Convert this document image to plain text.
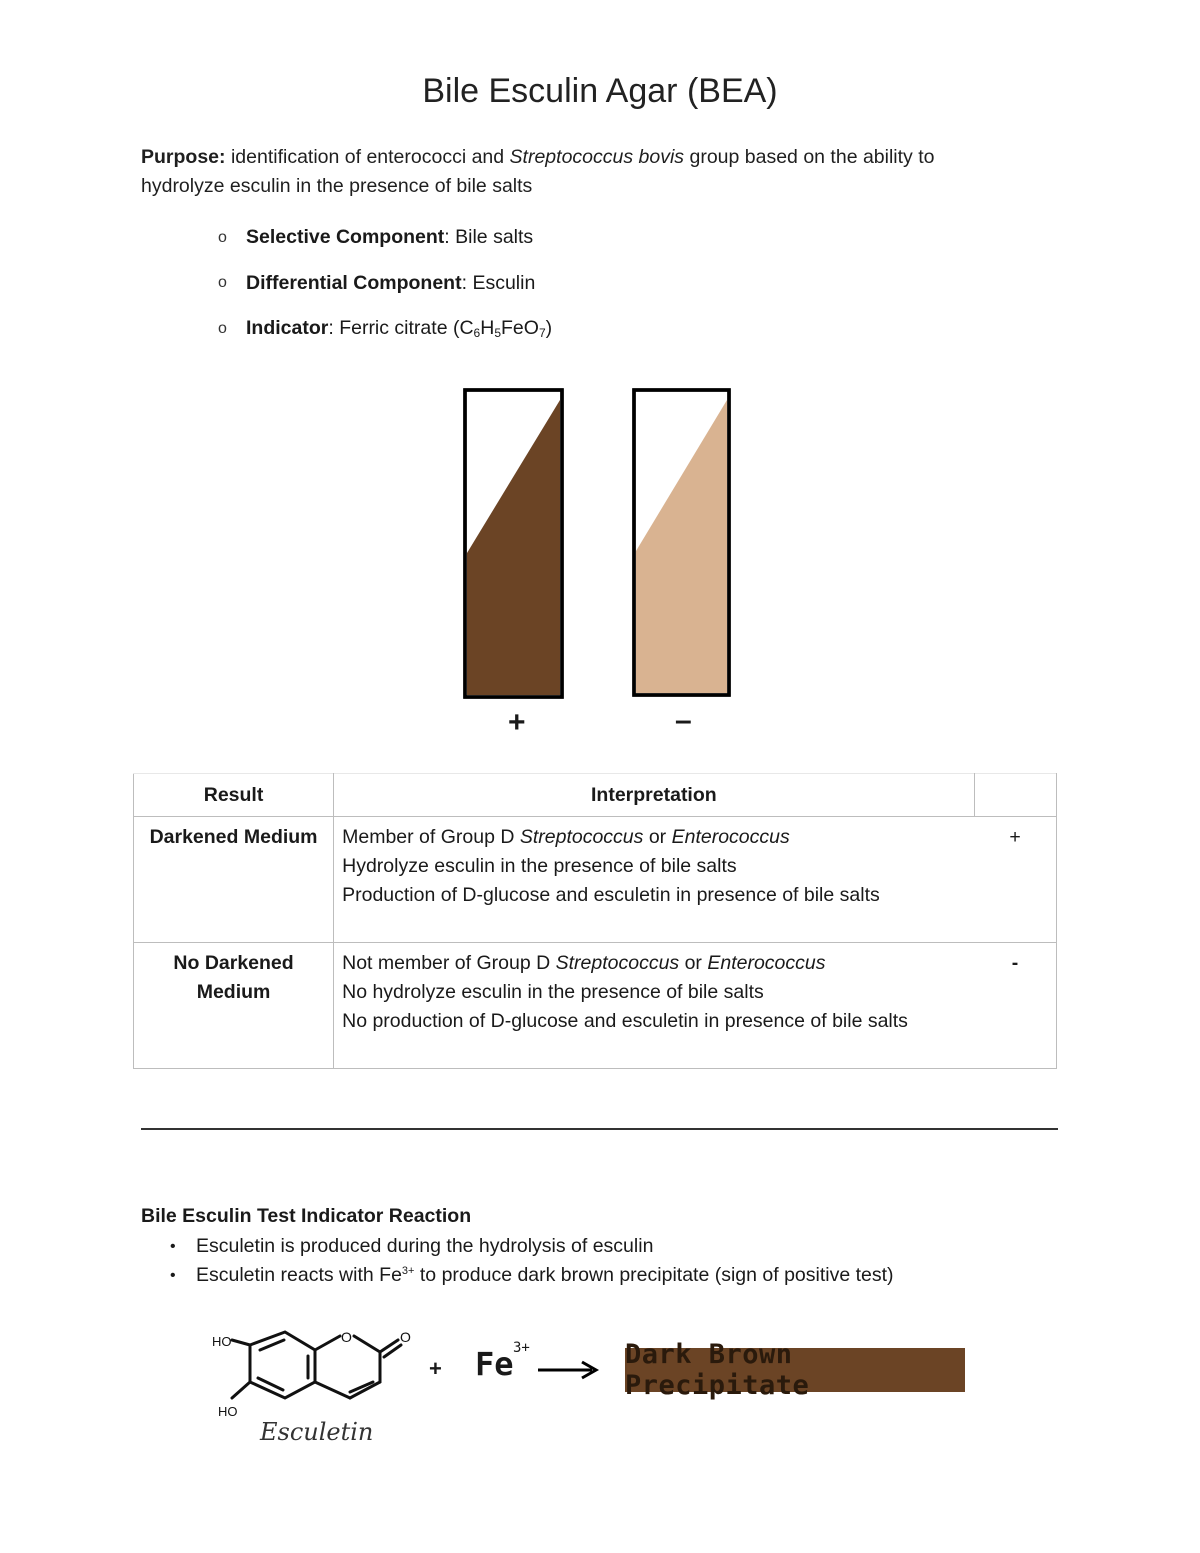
Bile Esculin Agar (BEA)
Purpose: identification of enterococci and Streptococcus bovis group based on the ability to
hydrolyze esculin in the presence of bile salts
o Selective Component : Bile salts
o Differential Component : Esculin
o Indicator : Ferric citrate $(C_6H_5FeO_7)$
+	–
Result	Interpretation	
Darkened Medium	Member of Group D Streptococcus or Enterococcus
Hydrolyze esculin in the presence of bile salts
Production of D-glucose and esculetin in presence of bile salts	+
No Darkened
Medium	Not member of Group D Streptococcus or Enterococcus
No hydrolyze esculin in the presence of bile salts
No production of D-glucose and esculetin in presence of bile salts	-
Bile Esculin Test Indicator Reaction
•	Esculetin is produced during the hydrolysis of esculin
•	Esculetin reacts with $Fe^{3+}$ to produce dark brown precipitate (sign of positive test)
O	O
HO
HO
Esculetin
+ Fe 3+	Dark Brown Precipitate
